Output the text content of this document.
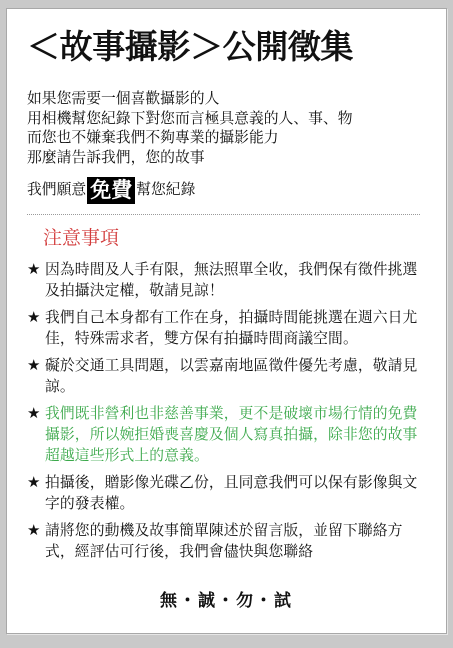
＜故事攝影＞公開徵集
如果您需要一個喜歡攝影的人
用相機幫您紀錄下對您而言極具意義的人、事、物
而您也不嫌棄我們不夠專業的攝影能力
那麼請告訴我們，您的故事
我們願意 免費 幫您紀錄
注意事項
★ 因為時間及人手有限，無法照單全收，我們保有徵件挑選及拍攝決定權，敬請見諒！
★ 我們自己本身都有工作在身，拍攝時間能挑選在週六日尤佳，特殊需求者，雙方保有拍攝時間商議空間。
★ 礙於交通工具問題，以雲嘉南地區徵件優先考慮，敬請見諒。
★ 我們既非營利也非慈善事業，更不是破壞市場行情的免費攝影，所以婉拒婚喪喜慶及個人寫真拍攝，除非您的故事超越這些形式上的意義。
★ 拍攝後，贈影像光碟乙份，且同意我們可以保有影像與文字的發表權。
★ 請將您的動機及故事簡單陳述於留言版，並留下聯絡方式，經評估可行後，我們會儘快與您聯絡
無・誠・勿・試
